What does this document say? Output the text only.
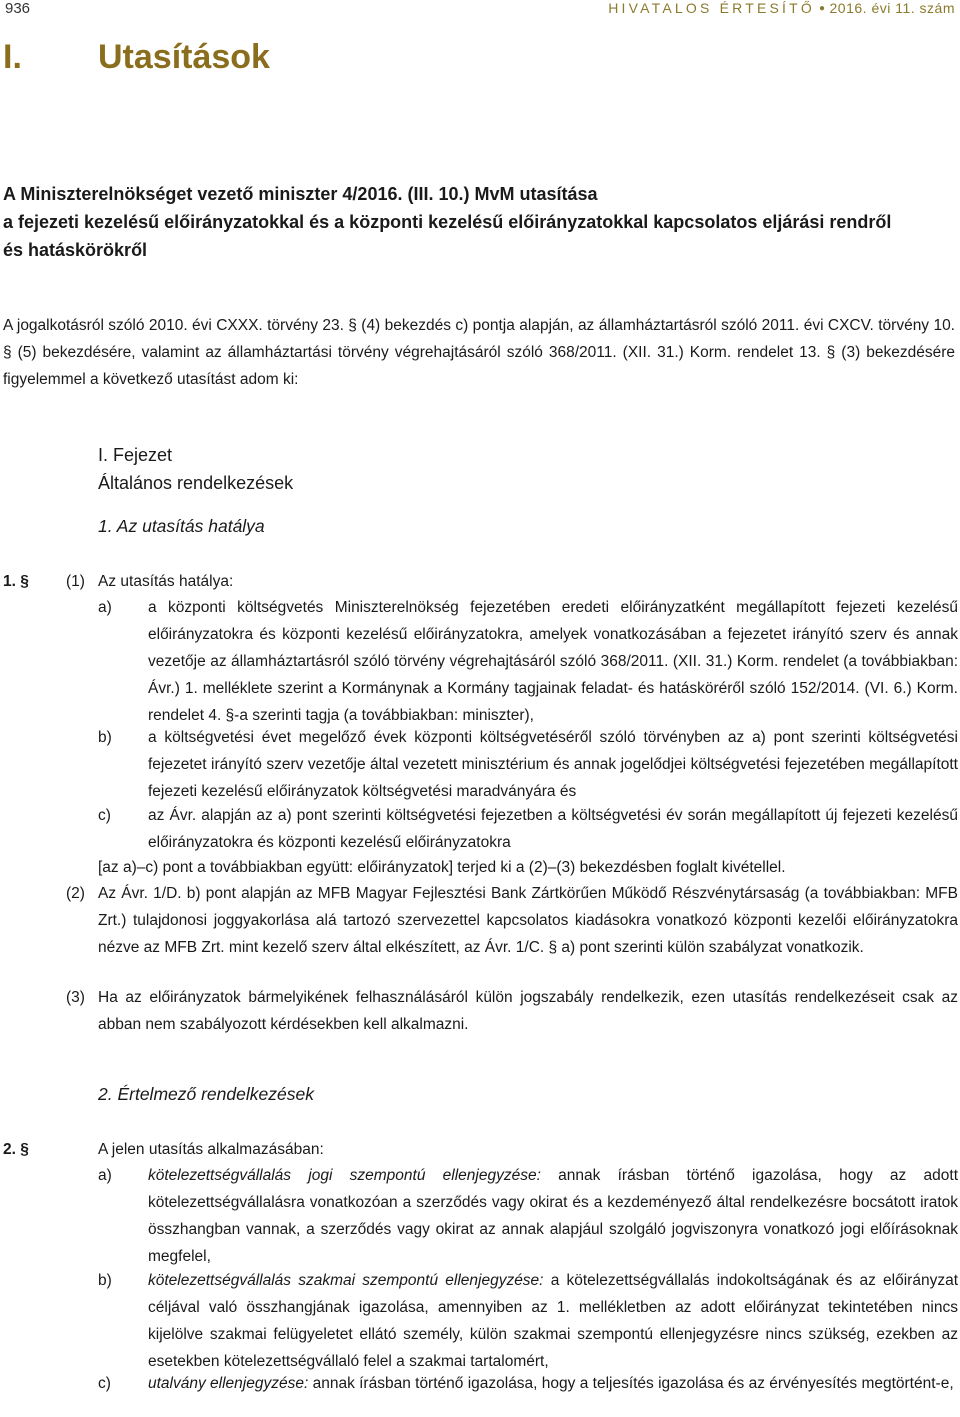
936	HIVATALOS ÉRTESÍTŐ ● 2016. évi 11. szám
I. Utasítások
A Miniszterelnökséget vezető miniszter 4/2016. (III. 10.) MvM utasítása
a fejezeti kezelésű előirányzatokkal és a központi kezelésű előirányzatokkal kapcsolatos eljárási rendről
és hatáskörökről
A jogalkotásról szóló 2010. évi CXXX. törvény 23. § (4) bekezdés c) pontja alapján, az államháztartásról szóló 2011. évi CXCV. törvény 10. § (5) bekezdésére, valamint az államháztartási törvény végrehajtásáról szóló 368/2011. (XII. 31.) Korm. rendelet 13. § (3) bekezdésére figyelemmel a következő utasítást adom ki:
I. Fejezet
Általános rendelkezések
1. Az utasítás hatálya
1. § (1) Az utasítás hatálya:
a) a központi költségvetés Miniszterelnökség fejezetében eredeti előirányzatként megállapított fejezeti kezelésű előirányzatokra és központi kezelésű előirányzatokra, amelyek vonatkozásában a fejezetet irányító szerv és annak vezetője az államháztartásról szóló törvény végrehajtásáról szóló 368/2011. (XII. 31.) Korm. rendelet (a továbbiakban: Ávr.) 1. melléklete szerint a Kormánynak a Kormány tagjainak feladat- és hatásköréről szóló 152/2014. (VI. 6.) Korm. rendelet 4. §-a szerinti tagja (a továbbiakban: miniszter),
b) a költségvetési évet megelőző évek központi költségvetéséről szóló törvényben az a) pont szerinti költségvetési fejezetet irányító szerv vezetője által vezetett minisztérium és annak jogelődjei költségvetési fejezetében megállapított fejezeti kezelésű előirányzatok költségvetési maradványára és
c) az Ávr. alapján az a) pont szerinti költségvetési fejezetben a költségvetési év során megállapított új fejezeti kezelésű előirányzatokra és központi kezelésű előirányzatokra
[az a)–c) pont a továbbiakban együtt: előirányzatok] terjed ki a (2)–(3) bekezdésben foglalt kivétellel.
(2) Az Ávr. 1/D. b) pont alapján az MFB Magyar Fejlesztési Bank Zártkörűen Működő Részvénytársaság (a továbbiakban: MFB Zrt.) tulajdonosi joggyakorlása alá tartozó szervezettel kapcsolatos kiadásokra vonatkozó központi kezelői előirányzatokra nézve az MFB Zrt. mint kezelő szerv által elkészített, az Ávr. 1/C. § a) pont szerinti külön szabályzat vonatkozik.
(3) Ha az előirányzatok bármelyikének felhasználásáról külön jogszabály rendelkezik, ezen utasítás rendelkezéseit csak az abban nem szabályozott kérdésekben kell alkalmazni.
2. Értelmező rendelkezések
2. §	A jelen utasítás alkalmazásában:
a) kötelezettségvállalás jogi szempontú ellenjegyzése: annak írásban történő igazolása, hogy az adott kötelezettségvállalásra vonatkozóan a szerződés vagy okirat és a kezdeményező által rendelkezésre bocsátott iratok összhangban vannak, a szerződés vagy okirat az annak alapjául szolgáló jogviszonyra vonatkozó jogi előírásoknak megfelel,
b) kötelezettségvállalás szakmai szempontú ellenjegyzése: a kötelezettségvállalás indokoltságának és az előirányzat céljával való összhangjának igazolása, amennyiben az 1. mellékletben az adott előirányzat tekintetében nincs kijelölve szakmai felügyeletet ellátó személy, külön szakmai szempontú ellenjegyzésre nincs szükség, ezekben az esetekben kötelezettségvállaló felel a szakmai tartalomért,
c) utalvány ellenjegyzése: annak írásban történő igazolása, hogy a teljesítés igazolása és az érvényesítés megtörtént-e,
